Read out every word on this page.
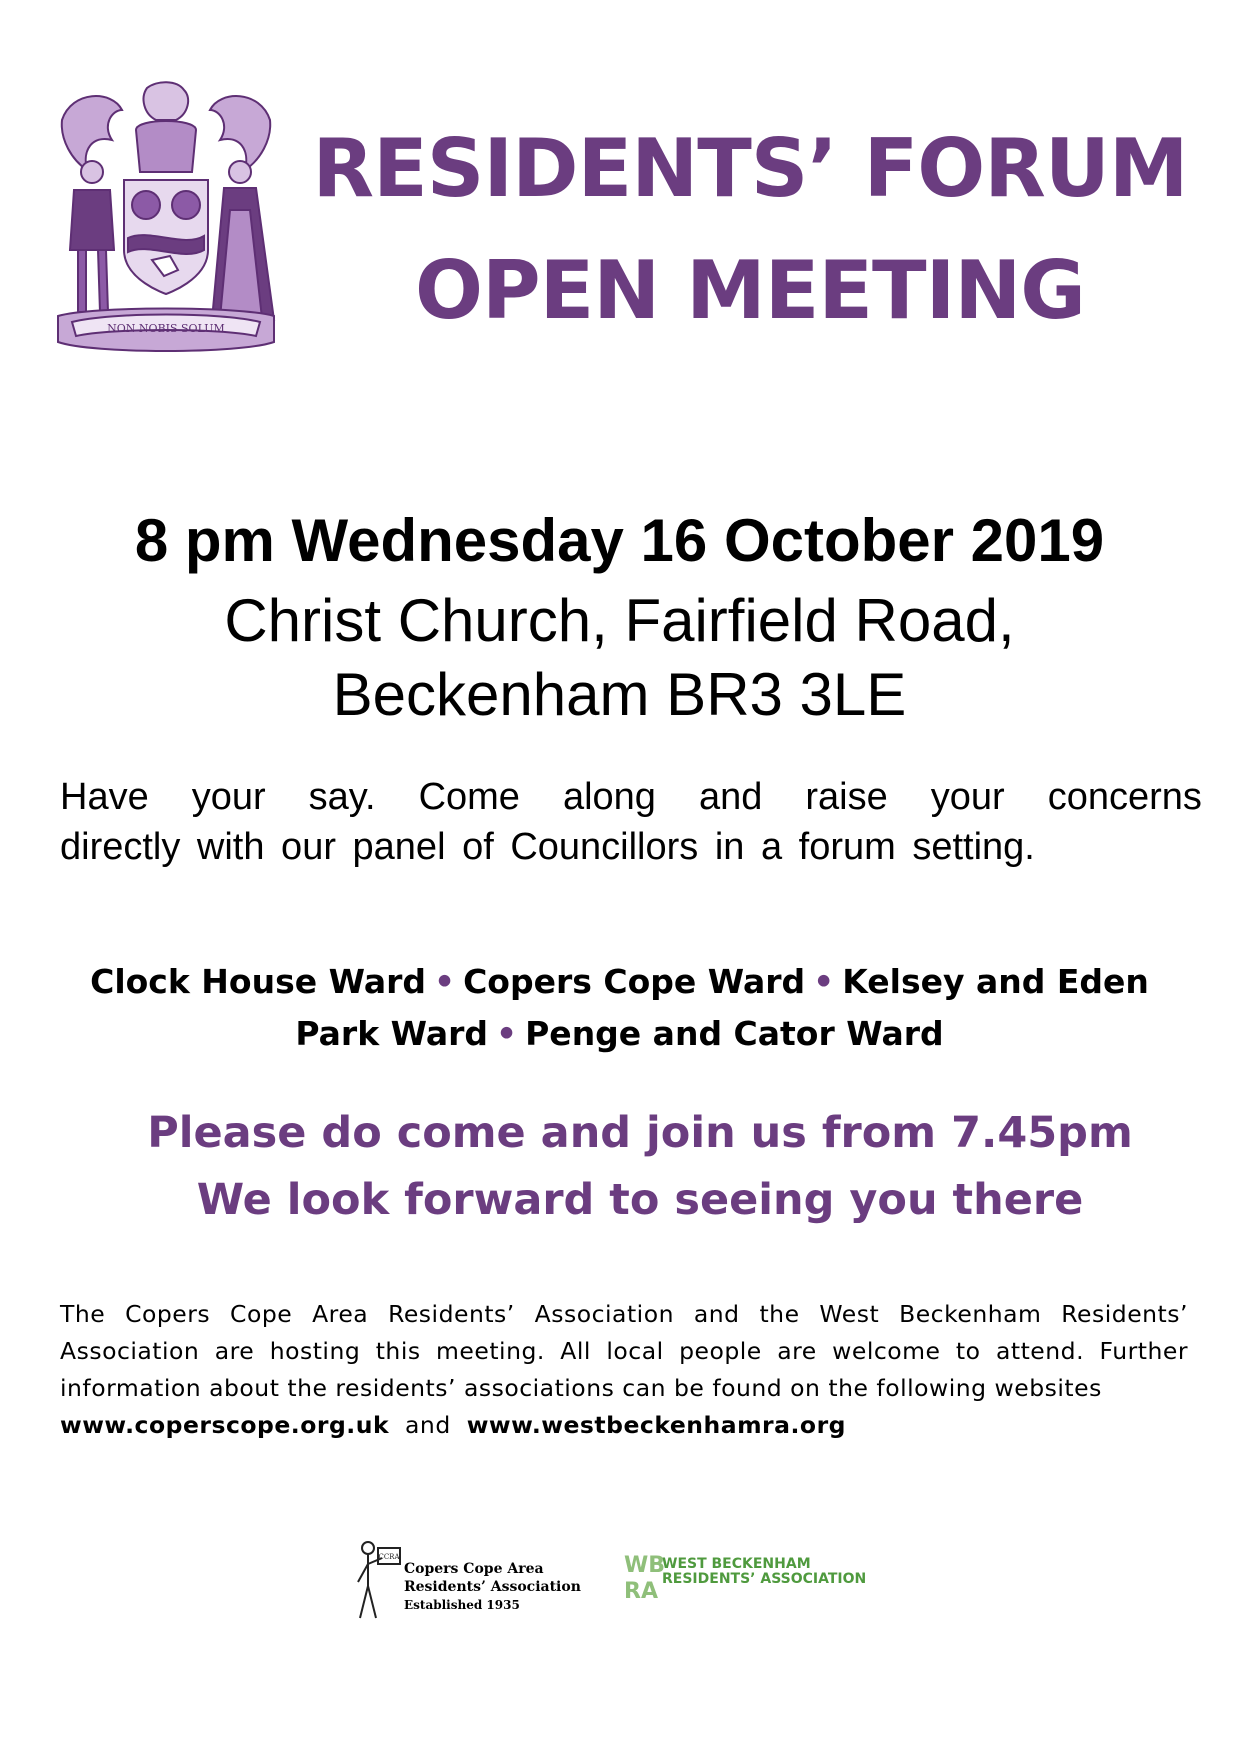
NON NOBIS SOLUM
RESIDENTS’ FORUM
OPEN MEETING
8 pm Wednesday 16 October 2019
Christ Church, Fairfield Road,
Beckenham BR3 3LE
Have your say. Come along and raise your concerns
directly with our panel of Councillors in a forum setting.
Clock House Ward • Copers Cope Ward • Kelsey and Eden
Park Ward • Penge and Cator Ward
Please do come and join us from 7.45pm
We look forward to seeing you there
The Copers Cope Area Residents’ Association and the West Beckenham Residents’ Association are hosting this meeting. All local people are welcome to attend. Further information about the residents’ associations can be found on the following websites
www.coperscope.org.uk and www.westbeckenhamra.org
CCRA
Copers Cope Area
Residents’ Association
Established 1935
WB
RA
WEST BECKENHAM
RESIDENTS’ ASSOCIATION
